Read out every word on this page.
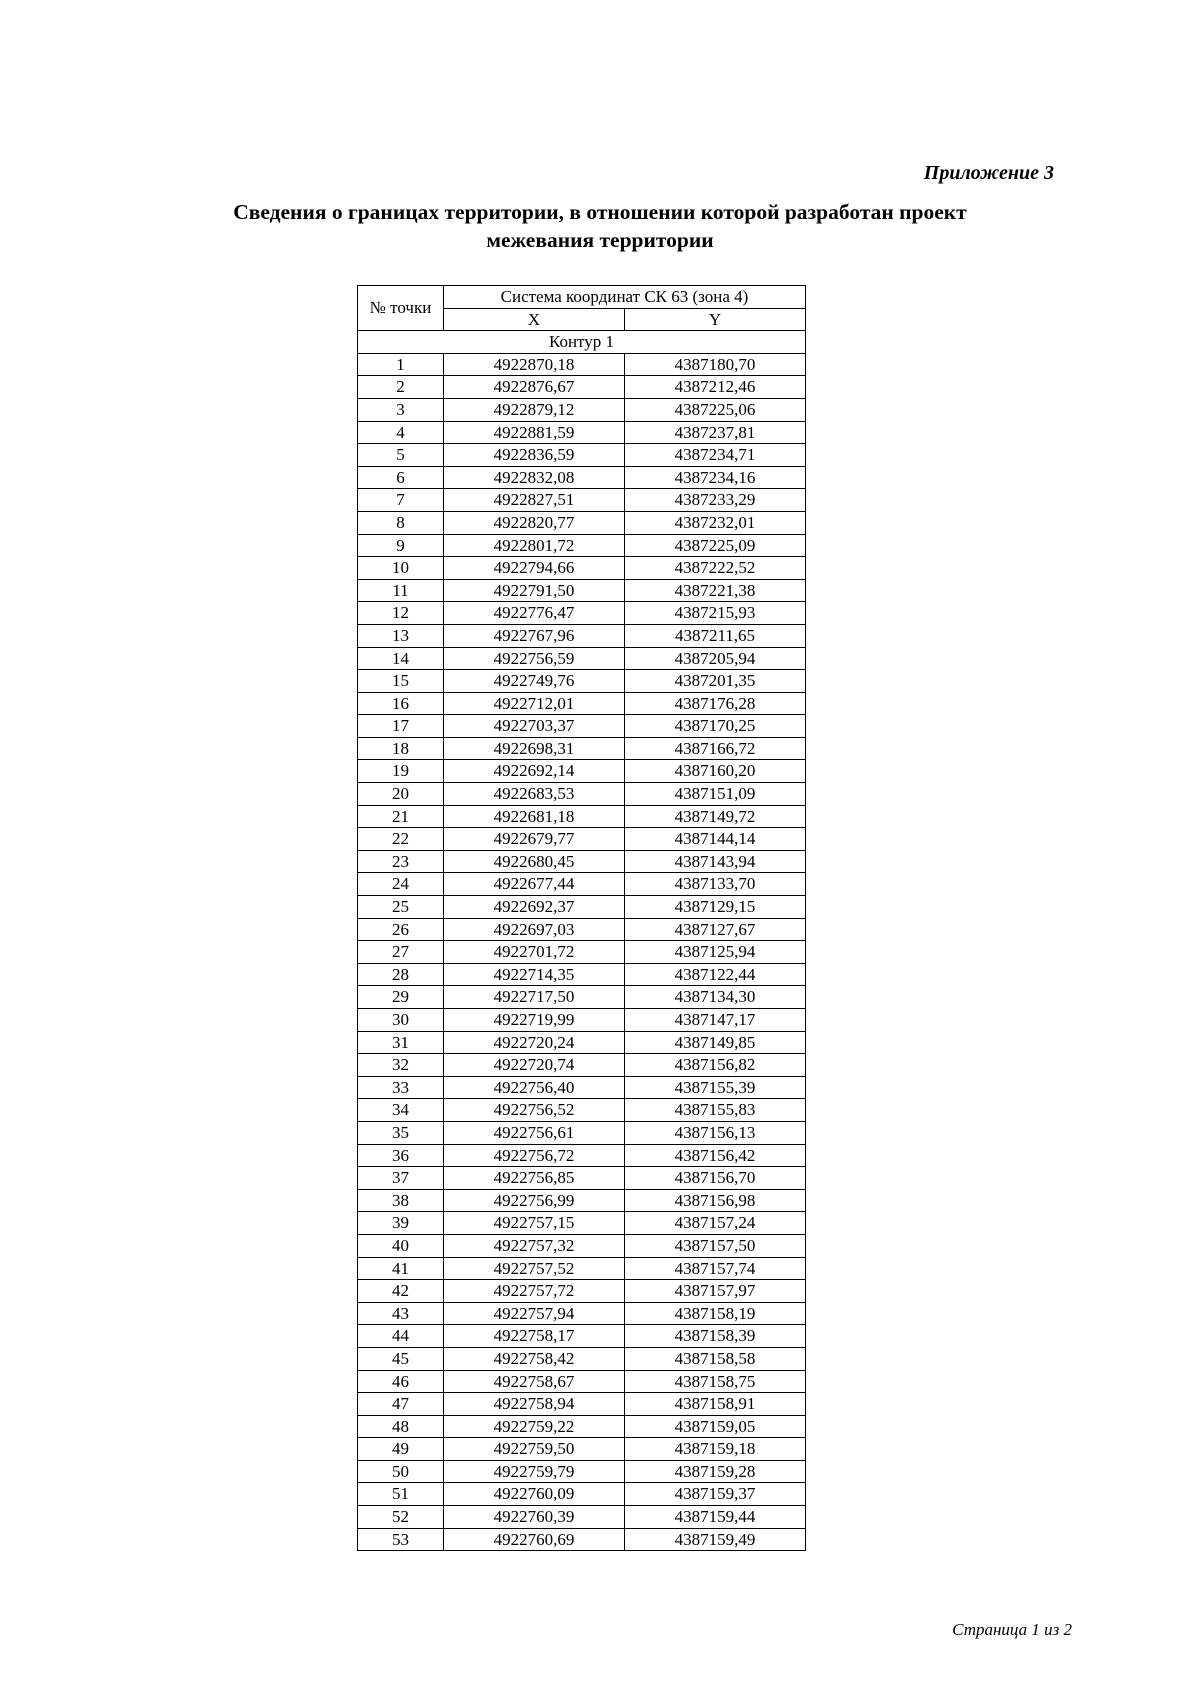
Приложение 3
Сведения о границах территории, в отношении которой разработан проект
межевания территории
№ точки	Система координат СК 63 (зона 4)	
	X	Y
Контур 1		
1	4922870,18	4387180,70
2	4922876,67	4387212,46
3	4922879,12	4387225,06
4	4922881,59	4387237,81
5	4922836,59	4387234,71
6	4922832,08	4387234,16
7	4922827,51	4387233,29
8	4922820,77	4387232,01
9	4922801,72	4387225,09
10	4922794,66	4387222,52
11	4922791,50	4387221,38
12	4922776,47	4387215,93
13	4922767,96	4387211,65
14	4922756,59	4387205,94
15	4922749,76	4387201,35
16	4922712,01	4387176,28
17	4922703,37	4387170,25
18	4922698,31	4387166,72
19	4922692,14	4387160,20
20	4922683,53	4387151,09
21	4922681,18	4387149,72
22	4922679,77	4387144,14
23	4922680,45	4387143,94
24	4922677,44	4387133,70
25	4922692,37	4387129,15
26	4922697,03	4387127,67
27	4922701,72	4387125,94
28	4922714,35	4387122,44
29	4922717,50	4387134,30
30	4922719,99	4387147,17
31	4922720,24	4387149,85
32	4922720,74	4387156,82
33	4922756,40	4387155,39
34	4922756,52	4387155,83
35	4922756,61	4387156,13
36	4922756,72	4387156,42
37	4922756,85	4387156,70
38	4922756,99	4387156,98
39	4922757,15	4387157,24
40	4922757,32	4387157,50
41	4922757,52	4387157,74
42	4922757,72	4387157,97
43	4922757,94	4387158,19
44	4922758,17	4387158,39
45	4922758,42	4387158,58
46	4922758,67	4387158,75
47	4922758,94	4387158,91
48	4922759,22	4387159,05
49	4922759,50	4387159,18
50	4922759,79	4387159,28
51	4922760,09	4387159,37
52	4922760,39	4387159,44
53	4922760,69	4387159,49
Страница 1 из 2
